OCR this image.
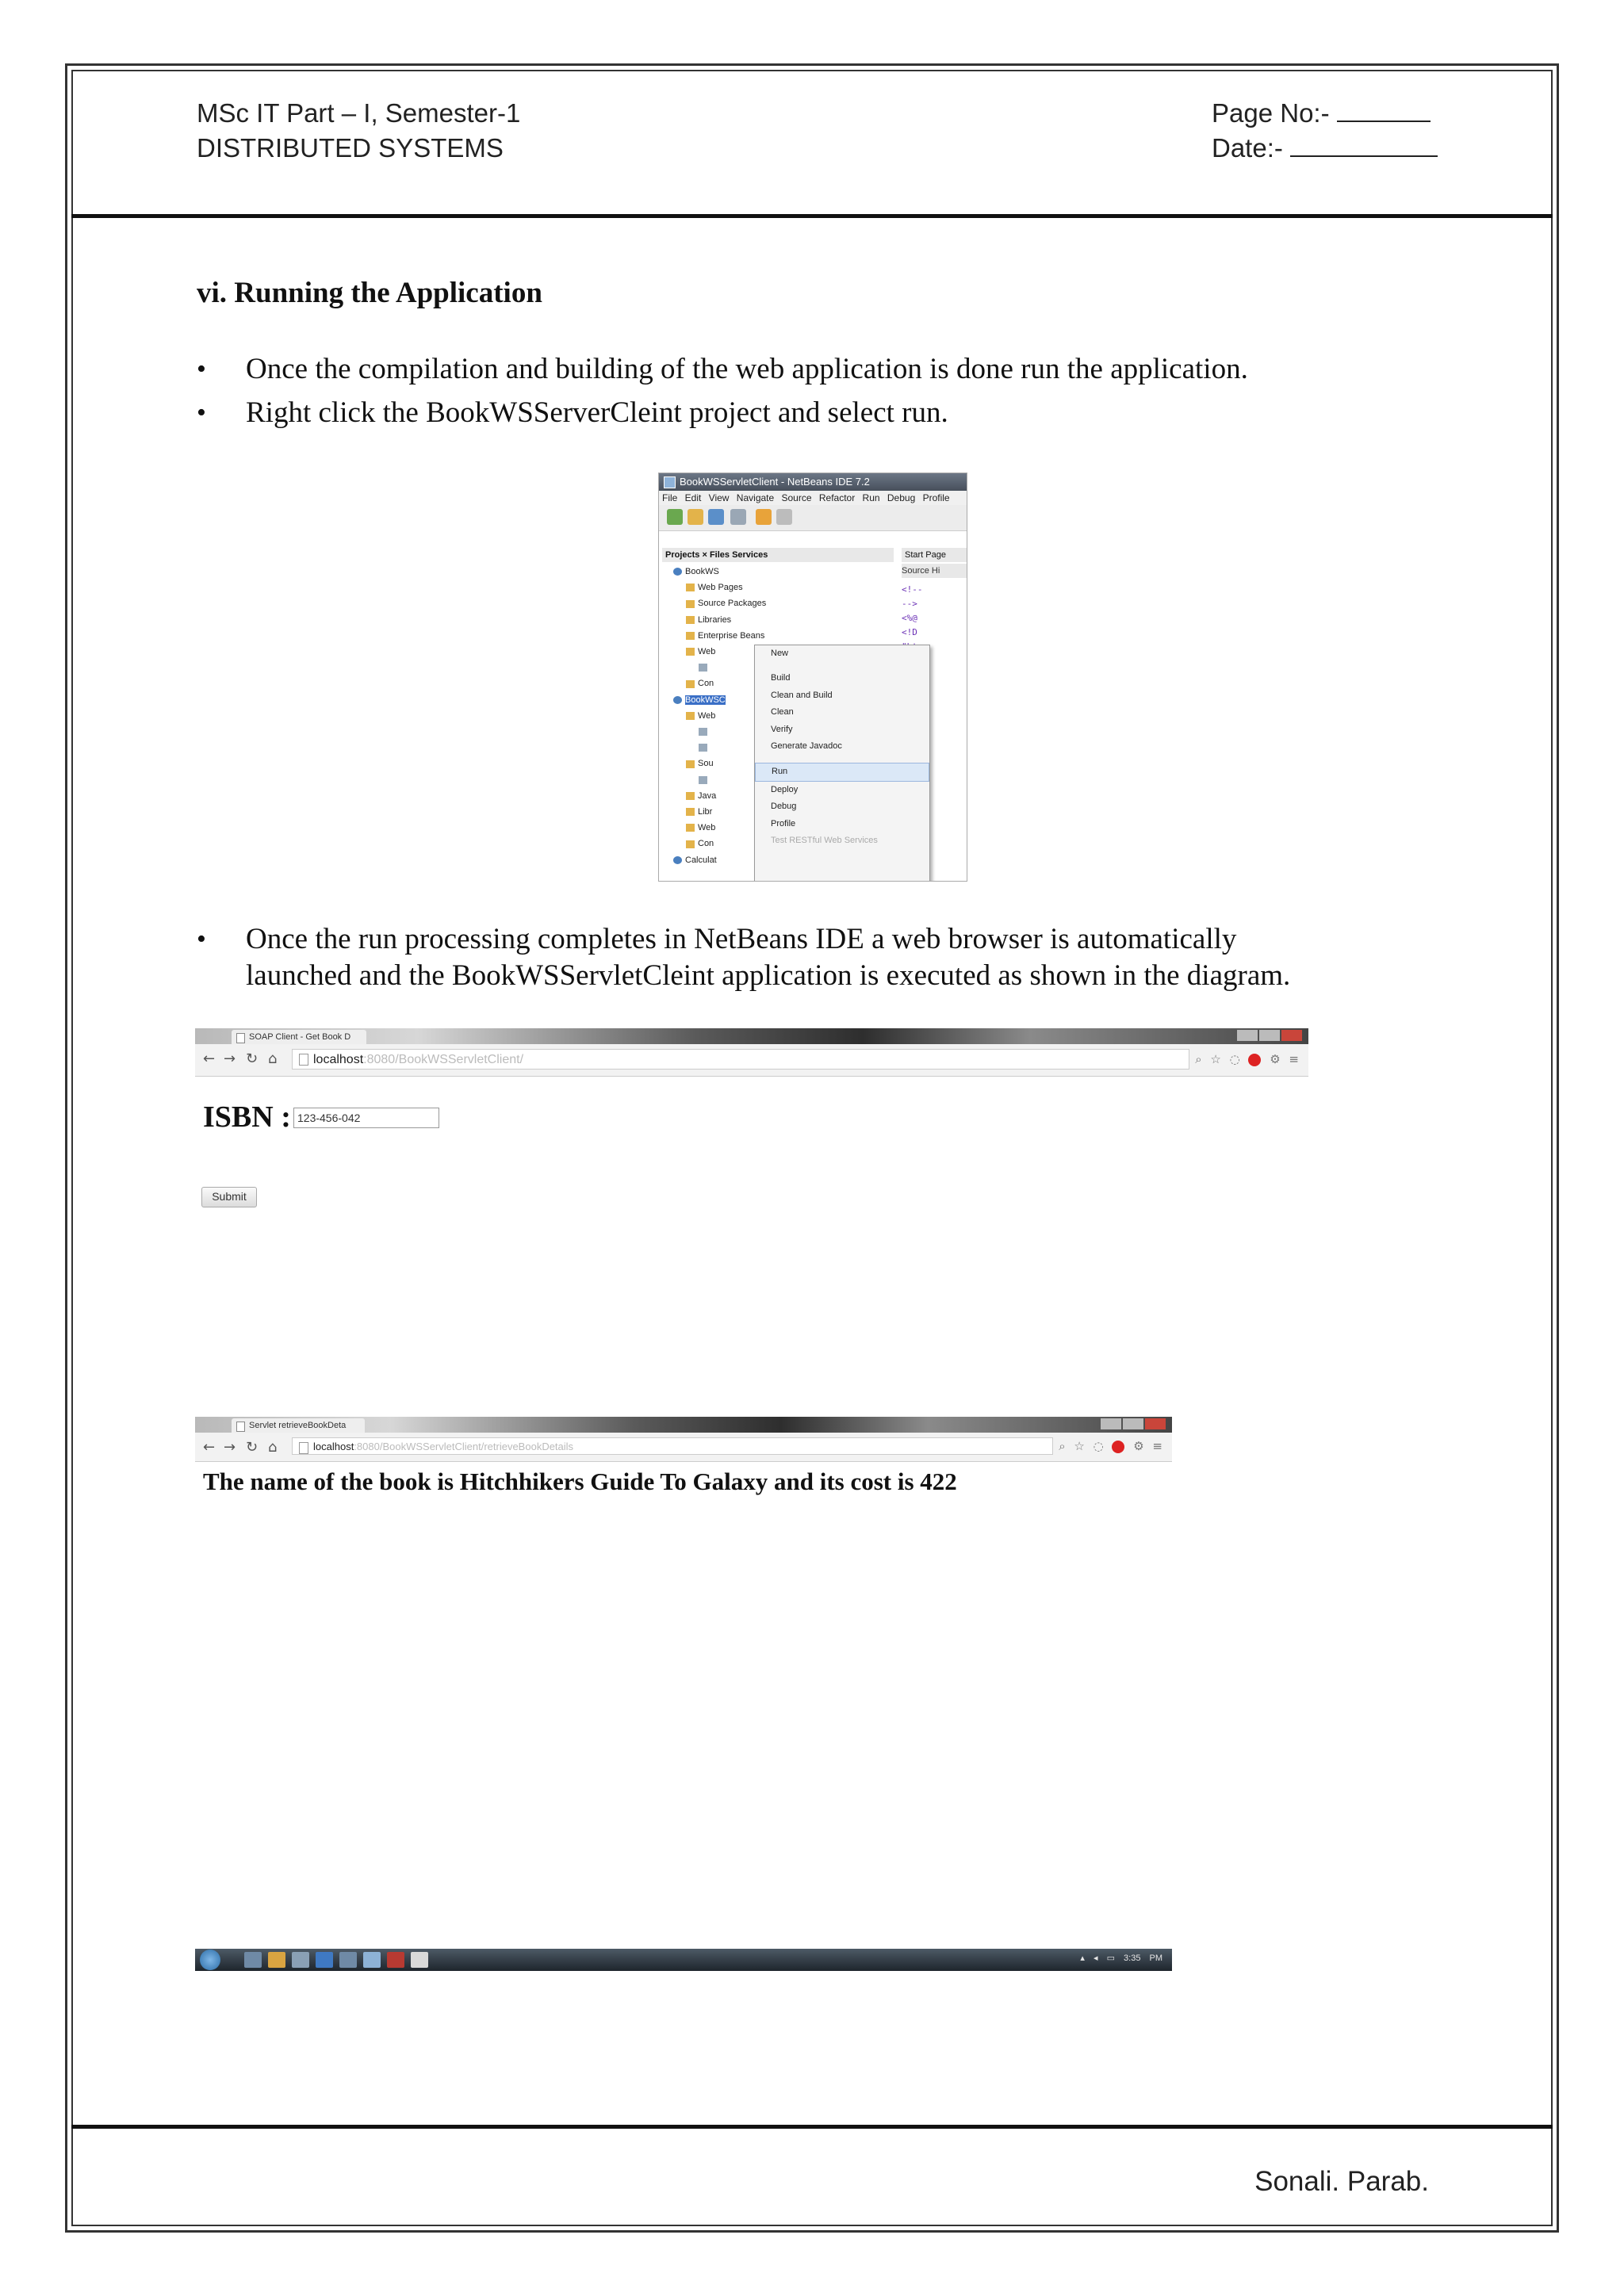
MSc IT Part – I, Semester-1
DISTRIBUTED SYSTEMS
Page No:-
Date:-
vi. Running the Application
• Once the compilation and building of the web application is done run the application.
• Right click the BookWSServerCleint project and select run.
BookWSServletClient - NetBeans IDE 7.2
File Edit View Navigate Source Refactor Run Debug Profile
Projects × Files Services	Start Page
BookWS
Web Pages
Source Packages
Libraries
Enterprise Beans
Web
Con
BookWSC
Web
Sou
Java
Libr
Web
Con
Calculat
Source Hi
<!--
-->
<%@
<!D
New
Build
Clean and Build
Clean
Verify
Generate Javadoc
Run
Deploy
Debug
Profile
Test RESTful Web Services
• Once the run processing completes in NetBeans IDE a web browser is automatically
launched and the BookWSServletCleint application is executed as shown in the diagram.
SOAP Client - Get Book D
← → ↻ ⌂	localhost:8080/BookWSServletClient/	⌕ ☆ ◌  ⚙ ≡
ISBN : 123-456-042
Submit
Servlet retrieveBookDeta
← → ↻ ⌂	localhost:8080/BookWSServletClient/retrieveBookDetails	⌕ ☆ ◌  ⚙ ≡
The name of the book is Hitchhikers Guide To Galaxy and its cost is 422
▴ ◂ ▭ 3:35 PM
Sonali. Parab.
